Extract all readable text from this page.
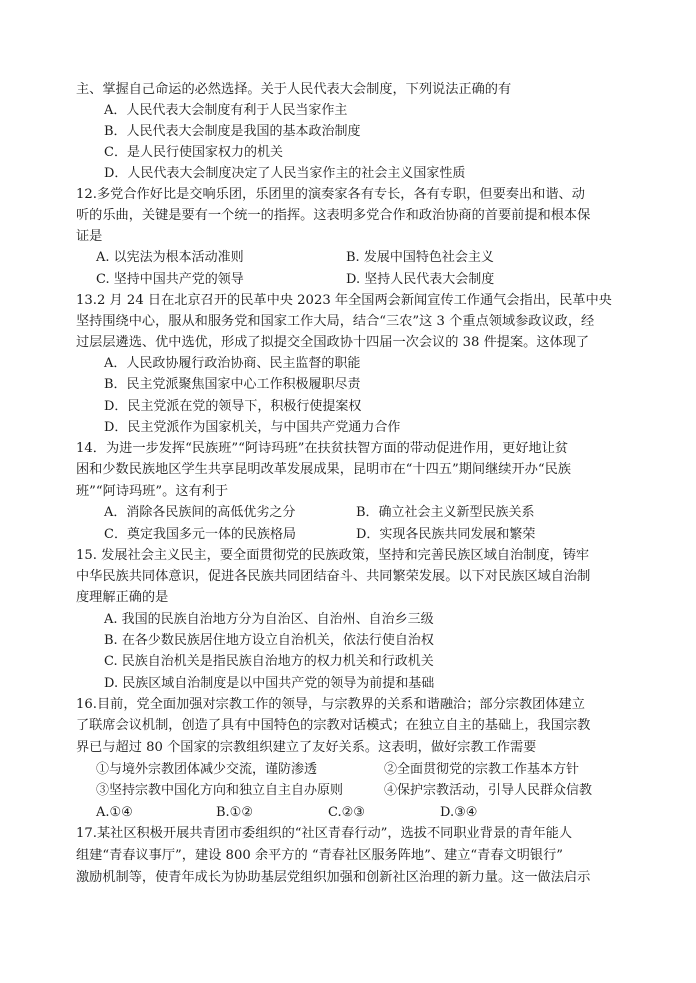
主、掌握自己命运的必然选择。关于人民代表大会制度，下列说法正确的有
A．人民代表大会制度有利于人民当家作主
B．人民代表大会制度是我国的基本政治制度
C．是人民行使国家权力的机关
D．人民代表大会制度决定了人民当家作主的社会主义国家性质
12.多党合作好比是交响乐团，乐团里的演奏家各有专长，各有专职，但要奏出和谐、动
听的乐曲，关键是要有一个统一的指挥。这表明多党合作和政治协商的首要前提和根本保
证是
A. 以宪法为根本活动准则	B. 发展中国特色社会主义
C. 坚持中国共产党的领导	D. 坚持人民代表大会制度
13.2 月 24 日在北京召开的民革中央 2023 年全国两会新闻宣传工作通气会指出，民革中央
坚持围绕中心，服从和服务党和国家工作大局，结合“三农”这 3 个重点领域参政议政，经
过层层遴选、优中选优，形成了拟提交全国政协十四届一次会议的 38 件提案。这体现了
A．人民政协履行政治协商、民主监督的职能
B．民主党派聚焦国家中心工作积极履职尽责
D．民主党派在党的领导下，积极行使提案权
D．民主党派作为国家机关，与中国共产党通力合作
14．为进一步发挥“民族班”“阿诗玛班”在扶贫扶智方面的带动促进作用，更好地让贫
困和少数民族地区学生共享昆明改革发展成果，昆明市在“十四五”期间继续开办“民族
班”“阿诗玛班”。这有利于
A．消除各民族间的高低优劣之分	B．确立社会主义新型民族关系
C．奠定我国多元一体的民族格局	D．实现各民族共同发展和繁荣
15. 发展社会主义民主，要全面贯彻党的民族政策，坚持和完善民族区域自治制度，铸牢
中华民族共同体意识，促进各民族共同团结奋斗、共同繁荣发展。以下对民族区域自治制
度理解正确的是
A. 我国的民族自治地方分为自治区、自治州、自治乡三级
B. 在各少数民族居住地方设立自治机关，依法行使自治权
C. 民族自治机关是指民族自治地方的权力机关和行政机关
D. 民族区域自治制度是以中国共产党的领导为前提和基础
16.目前，党全面加强对宗教工作的领导，与宗教界的关系和谐融洽；部分宗教团体建立
了联席会议机制，创造了具有中国特色的宗教对话模式；在独立自主的基础上，我国宗教
界已与超过 80 个国家的宗教组织建立了友好关系。这表明，做好宗教工作需要
①与境外宗教团体减少交流，谨防渗透	②全面贯彻党的宗教工作基本方针
③坚持宗教中国化方向和独立自主自办原则	④保护宗教活动，引导人民群众信教
A.①④	B.①②	C.②③	D.③④
17.某社区积极开展共青团市委组织的“社区青春行动”，选拔不同职业背景的青年能人
组建“青春议事厅”，建设 800 余平方的 “青春社区服务阵地”、建立“青春文明银行”
激励机制等，使青年成长为协助基层党组织加强和创新社区治理的新力量。这一做法启示
